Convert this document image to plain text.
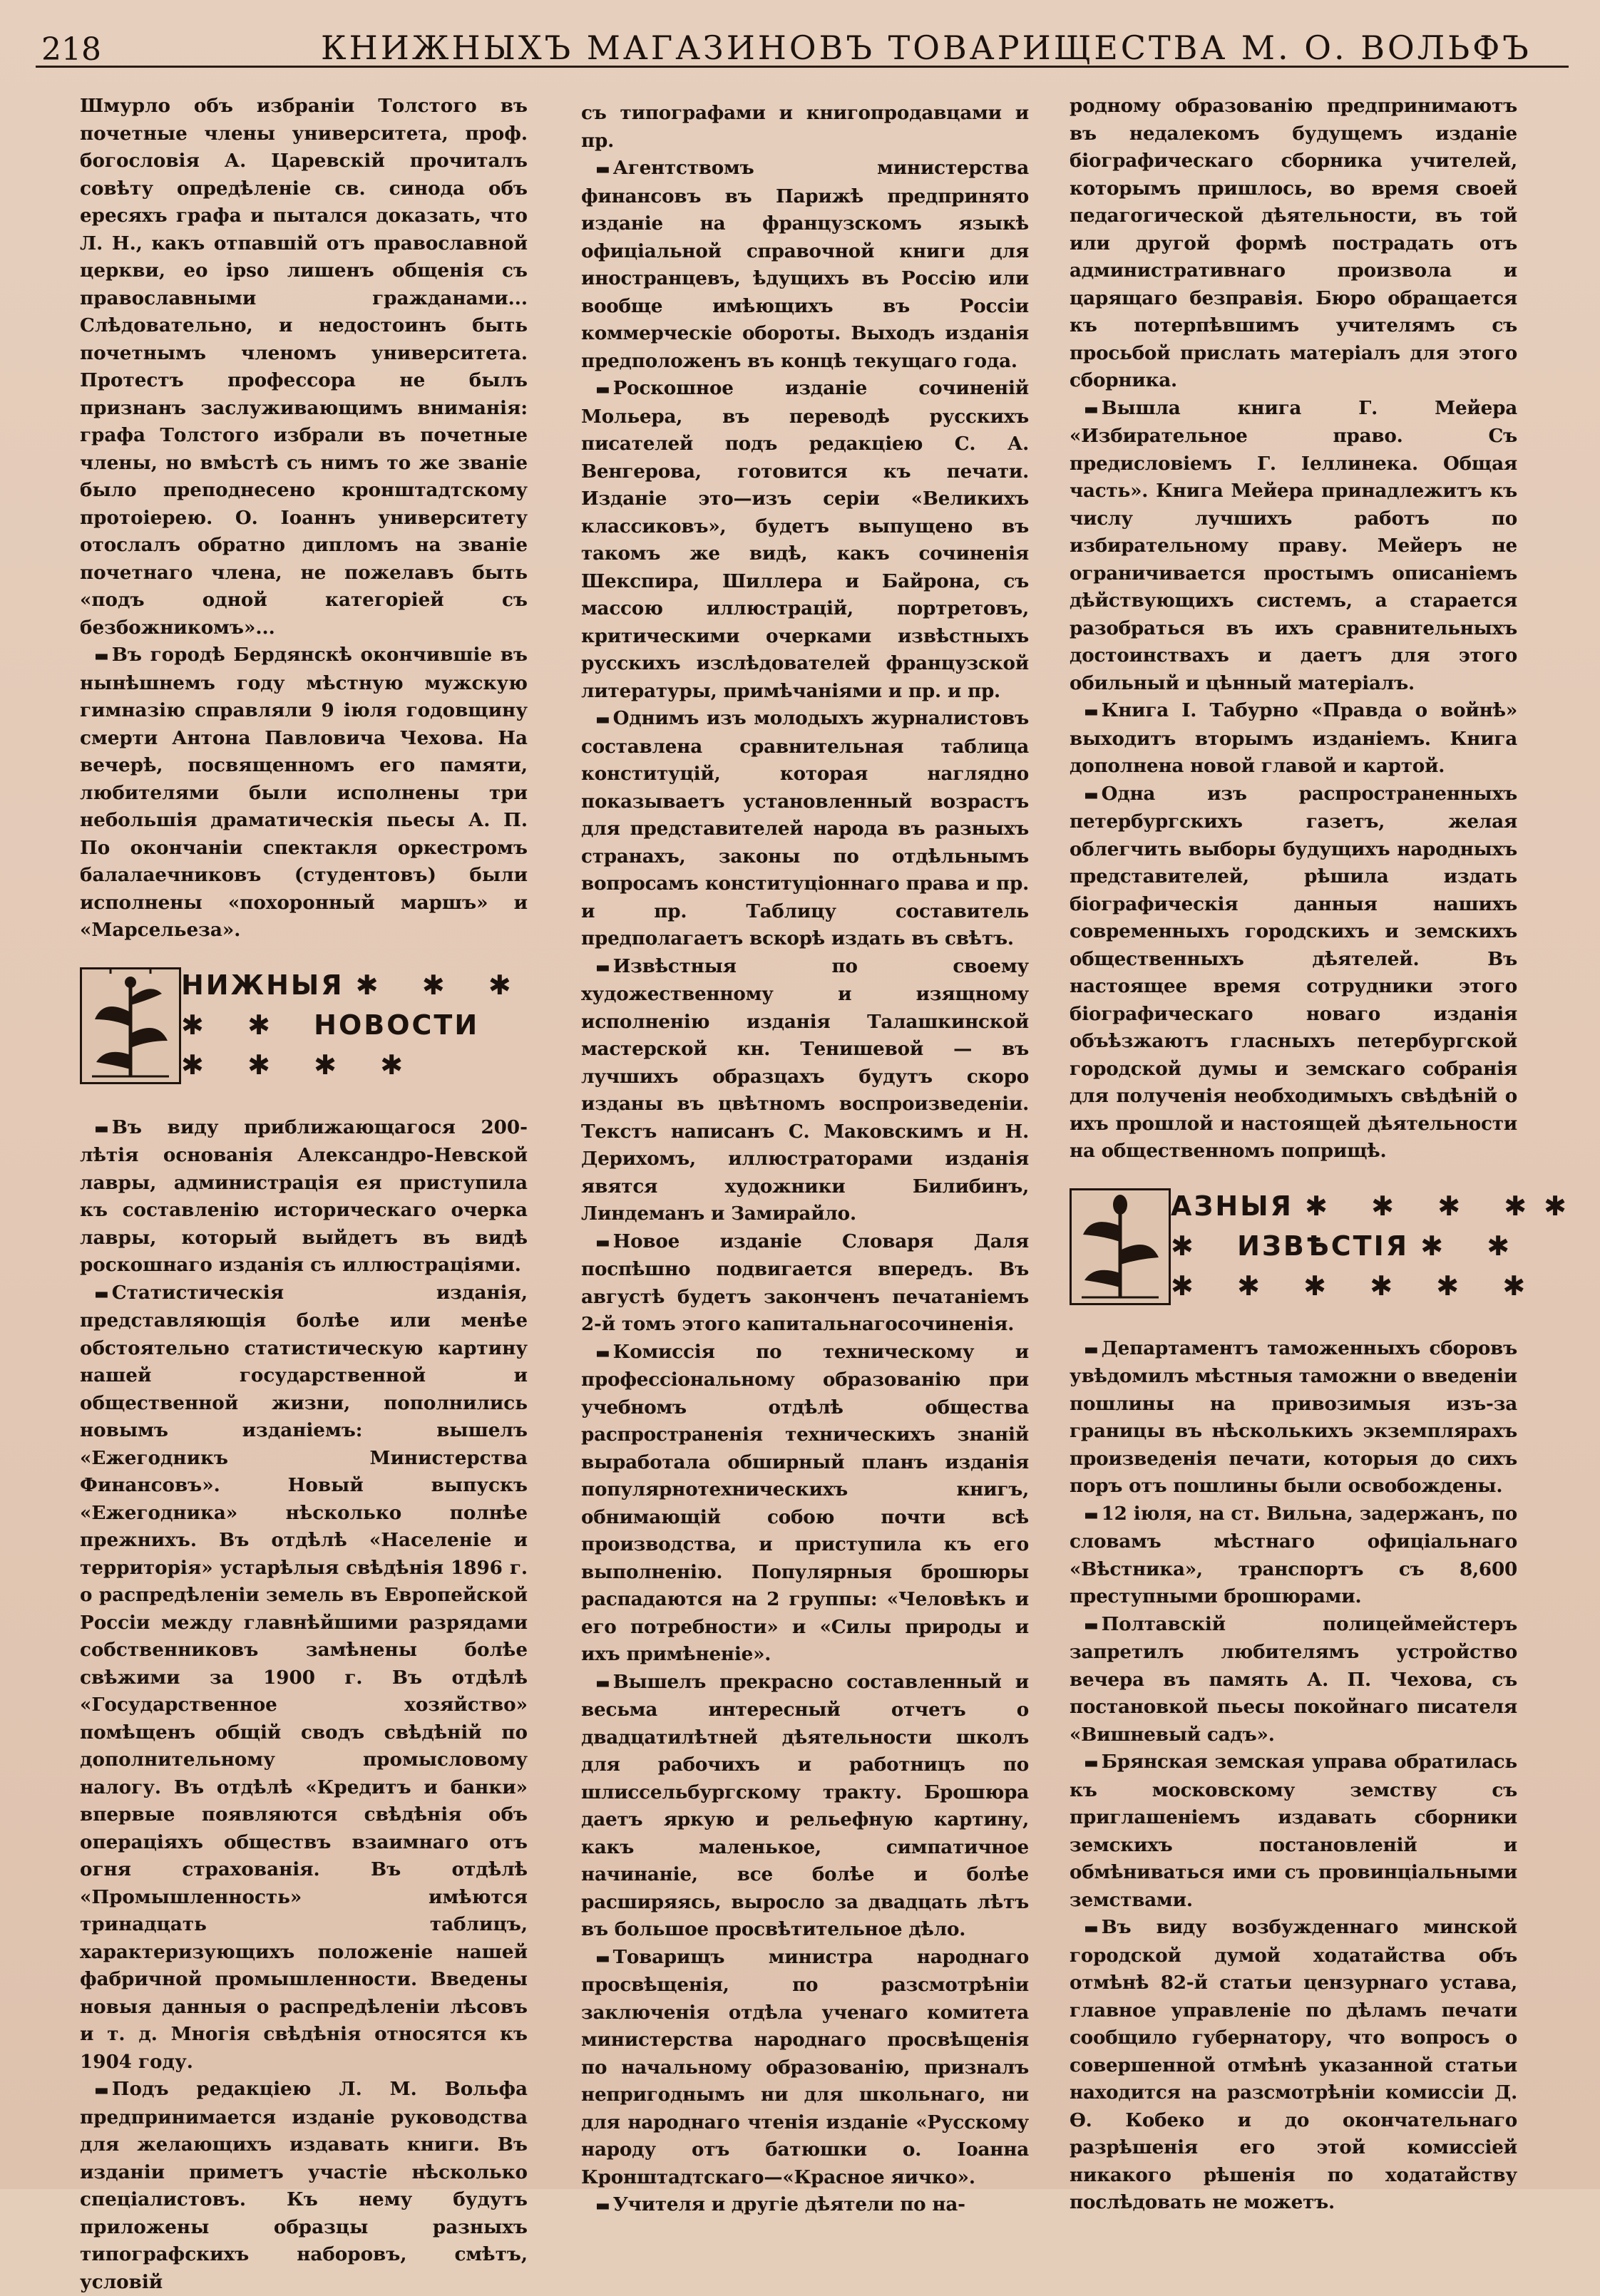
218	КНИЖНЫХЪ МАГАЗИНОВЪ ТОВАРИЩЕСТВА М. О. ВОЛЬФЪ

Шмурло объ избраніи Толстого въ почетные члены университета, проф. богословія А. Царевскій прочиталъ совѣту опредѣленіе св. синода объ ересяхъ графа и пытался доказать, что Л. Н., какъ отпавшій отъ православной церкви, ео ipso лишенъ общенія съ православными гражданами... Слѣдовательно, и недостоинъ быть почетнымъ членомъ университета. Протестъ профессора не былъ признанъ заслуживающимъ вниманія: графа Толстого избрали въ почетные члены, но вмѣстѣ съ нимъ то же званіе было преподнесено кронштадтскому протоіерею. О. Іоаннъ университету отослалъ обратно дипломъ на званіе почетнаго члена, не пожелавъ быть «подъ одной категоріей съ безбожникомъ»...

▬ Въ городѣ Бердянскѣ окончившіе въ нынѣшнемъ году мѣстную мужскую гимназію справляли 9 іюля годовщину смерти Антона Павловича Чехова. На вечерѣ, посвященномъ его памяти, любителями были исполнены три небольшія драматическія пьесы А. П. По окончаніи спектакля оркестромъ балалаечниковъ (студентовъ) были исполнены «похоронный маршъ» и «Марсельеза».

НИЖНЫЯ ✱ ✱ ✱
✱ ✱ НОВОСТИ
✱ ✱ ✱ ✱

▬ Въ виду приближающагося 200-лѣтія основанія Александро-Невской лавры, администрація ея приступила къ составленію историческаго очерка лавры, который выйдетъ въ видѣ роскошнаго изданія съ иллюстраціями.

▬ Статистическія изданія, представляющія болѣе или менѣе обстоятельно статистическую картину нашей государственной и общественной жизни, пополнились новымъ изданіемъ: вышелъ «Ежегодникъ Министерства Финансовъ». Новый выпускъ «Ежегодника» нѣсколько полнѣе прежнихъ. Въ отдѣлѣ «Населеніе и территорія» устарѣлыя свѣдѣнія 1896 г. о распредѣленіи земель въ Европейской Россіи между главнѣйшими разрядами собственниковъ замѣнены болѣе свѣжими за 1900 г. Въ отдѣлѣ «Государственное хозяйство» помѣщенъ общій сводъ свѣдѣній по дополнительному промысловому налогу. Въ отдѣлѣ «Кредитъ и банки» впервые появляются свѣдѣнія объ операціяхъ обществъ взаимнаго отъ огня страхованія. Въ отдѣлѣ «Промышленность» имѣются тринадцать таблицъ, характеризующихъ положеніе нашей фабричной промышленности. Введены новыя данныя о распредѣленіи лѣсовъ и т. д. Многія свѣдѣнія относятся къ 1904 году.

▬ Подъ редакціею Л. М. Вольфа предпринимается изданіе руководства для желающихъ издавать книги. Въ изданіи приметъ участіе нѣсколько спеціалистовъ. Къ нему будутъ приложены образцы разныхъ типографскихъ наборовъ, смѣтъ, условій

съ типографами и книгопродавцами и пр.

▬ Агентствомъ министерства финансовъ въ Парижѣ предпринято изданіе на французскомъ языкѣ офиціальной справочной книги для иностранцевъ, ѣдущихъ въ Россію или вообще имѣющихъ въ Россіи коммерческіе обороты. Выходъ изданія предположенъ въ концѣ текущаго года.

▬ Роскошное изданіе сочиненій Мольера, въ переводѣ русскихъ писателей подъ редакціею С. А. Венгерова, готовится къ печати. Изданіе это—изъ серіи «Великихъ классиковъ», будетъ выпущено въ такомъ же видѣ, какъ сочиненія Шекспира, Шиллера и Байрона, съ массою иллюстрацій, портретовъ, критическими очерками извѣстныхъ русскихъ изслѣдователей французской литературы, примѣчаніями и пр. и пр.

▬ Однимъ изъ молодыхъ журналистовъ составлена сравнительная таблица конституцій, которая наглядно показываетъ установленный возрастъ для представителей народа въ разныхъ странахъ, законы по отдѣльнымъ вопросамъ конституціоннаго права и пр. и пр. Таблицу составитель предполагаетъ вскорѣ издать въ свѣтъ.

▬ Извѣстныя по своему художественному и изящному исполненію изданія Талашкинской мастерской кн. Тенишевой — въ лучшихъ образцахъ будутъ скоро изданы въ цвѣтномъ воспроизведеніи. Текстъ написанъ С. Маковскимъ и Н. Дерихомъ, иллюстраторами изданія явятся художники Билибинъ, Линдеманъ и Замирайло.

▬ Новое изданіе Словаря Даля поспѣшно подвигается впередъ. Въ августѣ будетъ законченъ печатаніемъ 2-й томъ этого капитальнагосочиненія.

▬ Комиссія по техническому и профессіональному образованію при учебномъ отдѣлѣ общества распространенія техническихъ знаній выработала обширный планъ изданія популярнотехническихъ книгъ, обнимающій собою почти всѣ производства, и приступила къ его выполненію. Популярныя брошюры распадаются на 2 группы: «Человѣкъ и его потребности» и «Силы природы и ихъ примѣненіе».

▬ Вышелъ прекрасно составленный и весьма интересный отчетъ о двадцатилѣтней дѣятельности школъ для рабочихъ и работницъ по шлиссельбургскому тракту. Брошюра даетъ яркую и рельефную картину, какъ маленькое, симпатичное начинаніе, все болѣе и болѣе расширяясь, выросло за двадцать лѣтъ въ большое просвѣтительное дѣло.

▬ Товарищъ министра народнаго просвѣщенія, по разсмотрѣніи заключенія отдѣла ученаго комитета министерства народнаго просвѣщенія по начальному образованію, призналъ непригоднымъ ни для школьнаго, ни для народнаго чтенія изданіе «Русскому народу отъ батюшки о. Іоанна Кронштадтскаго—«Красное яичко».

▬ Учителя и другіе дѣятели по на-

родному образованію предпринимаютъ въ недалекомъ будущемъ изданіе біографическаго сборника учителей, которымъ пришлось, во время своей педагогической дѣятельности, въ той или другой формѣ пострадать отъ административнаго произвола и царящаго безправія. Бюро обращается къ потерпѣвшимъ учителямъ съ просьбой прислать матеріалъ для этого сборника.

▬ Вышла книга Г. Мейера «Избирательное право. Съ предисловіемъ Г. Іеллинека. Общая часть». Книга Мейера принадлежитъ къ числу лучшихъ работъ по избирательному праву. Мейеръ не ограничивается простымъ описаніемъ дѣйствующихъ системъ, а старается разобраться въ ихъ сравнительныхъ достоинствахъ и даетъ для этого обильный и цѣнный матеріалъ.

▬ Книга I. Табурно «Правда о войнѣ» выходитъ вторымъ изданіемъ. Книга дополнена новой главой и картой.

▬ Одна изъ распространенныхъ петербургскихъ газетъ, желая облегчить выборы будущихъ народныхъ представителей, рѣшила издать біографическія данныя нашихъ современныхъ городскихъ и земскихъ общественныхъ дѣятелей. Въ настоящее время сотрудники этого біографическаго новаго изданія объѣзжаютъ гласныхъ петербургской городской думы и земскаго собранія для полученія необходимыхъ свѣдѣній о ихъ прошлой и настоящей дѣятельности на общественномъ поприщѣ.

АЗНЫЯ ✱ ✱ ✱ ✱✱
✱ ИЗВѢСТІЯ ✱ ✱
✱ ✱ ✱ ✱ ✱ ✱

▬ Департаментъ таможенныхъ сборовъ увѣдомилъ мѣстныя таможни о введеніи пошлины на привозимыя изъ-за границы въ нѣсколькихъ экземплярахъ произведенія печати, которыя до сихъ поръ отъ пошлины были освобождены.

▬ 12 іюля, на ст. Вильна, задержанъ, по словамъ мѣстнаго офиціальнаго «Вѣстника», транспортъ съ 8,600 преступными брошюрами.

▬ Полтавскій полицеймейстеръ запретилъ любителямъ устройство вечера въ память А. П. Чехова, съ постановкой пьесы покойнаго писателя «Вишневый садъ».

▬ Брянская земская управа обратилась къ московскому земству съ приглашеніемъ издавать сборники земскихъ постановленій и обмѣниваться ими съ провинціальными земствами.

▬ Въ виду возбужденнаго минской городской думой ходатайства объ отмѣнѣ 82-й статьи цензурнаго устава, главное управленіе по дѣламъ печати сообщило губернатору, что вопросъ о совершенной отмѣнѣ указанной статьи находится на разсмотрѣніи комиссіи Д. Ө. Кобеко и до окончательнаго разрѣшенія его этой комиссіей никакого рѣшенія по ходатайству послѣдовать не можетъ.
